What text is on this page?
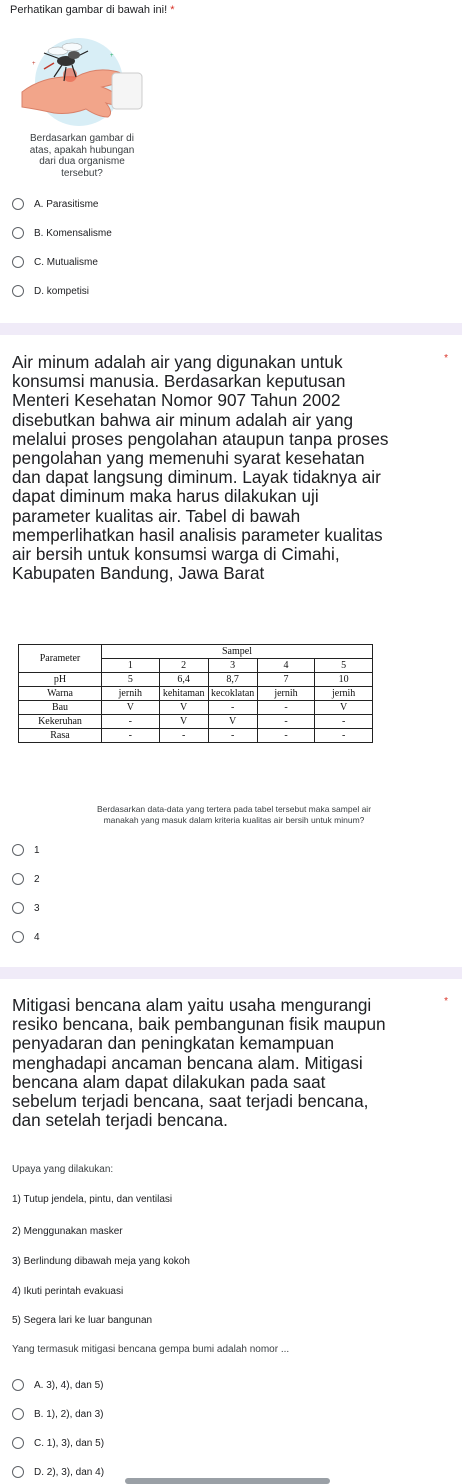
Perhatikan gambar di bawah ini! *
+
+
Berdasarkan gambar di
atas, apakah hubungan
dari dua organisme
tersebut?
A. Parasitisme
B. Komensalisme
C. Mutualisme
D. kompetisi
*
Air minum adalah air yang digunakan untuk
konsumsi manusia. Berdasarkan keputusan
Menteri Kesehatan Nomor 907 Tahun 2002
disebutkan bahwa air minum adalah air yang
melalui proses pengolahan ataupun tanpa proses
pengolahan yang memenuhi syarat kesehatan
dan dapat langsung diminum. Layak tidaknya air
dapat diminum maka harus dilakukan uji
parameter kualitas air. Tabel di bawah
memperlihatkan hasil analisis parameter kualitas
air bersih untuk konsumsi warga di Cimahi,
Kabupaten Bandung, Jawa Barat
Parameter	Sampel				
	1	2	3	4	5
pH	5	6,4	8,7	7	10
Warna	jernih	kehitaman	kecoklatan	jernih	jernih
Bau	V	V	-	-	V
Kekeruhan	-	V	V	-	-
Rasa	-	-	-	-	-
Berdasarkan data-data yang tertera pada tabel tersebut maka sampel air
manakah yang masuk dalam kriteria kualitas air bersih untuk minum?
1
2
3
4
*
Mitigasi bencana alam yaitu usaha mengurangi
resiko bencana, baik pembangunan fisik maupun
penyadaran dan peningkatan kemampuan
menghadapi ancaman bencana alam. Mitigasi
bencana alam dapat dilakukan pada saat
sebelum terjadi bencana, saat terjadi bencana,
dan setelah terjadi bencana.
Upaya yang dilakukan:
1) Tutup jendela, pintu, dan ventilasi
2) Menggunakan masker
3) Berlindung dibawah meja yang kokoh
4) Ikuti perintah evakuasi
5) Segera lari ke luar bangunan
Yang termasuk mitigasi bencana gempa bumi adalah nomor ...
A. 3), 4), dan 5)
B. 1), 2), dan 3)
C. 1), 3), dan 5)
D. 2), 3), dan 4)
